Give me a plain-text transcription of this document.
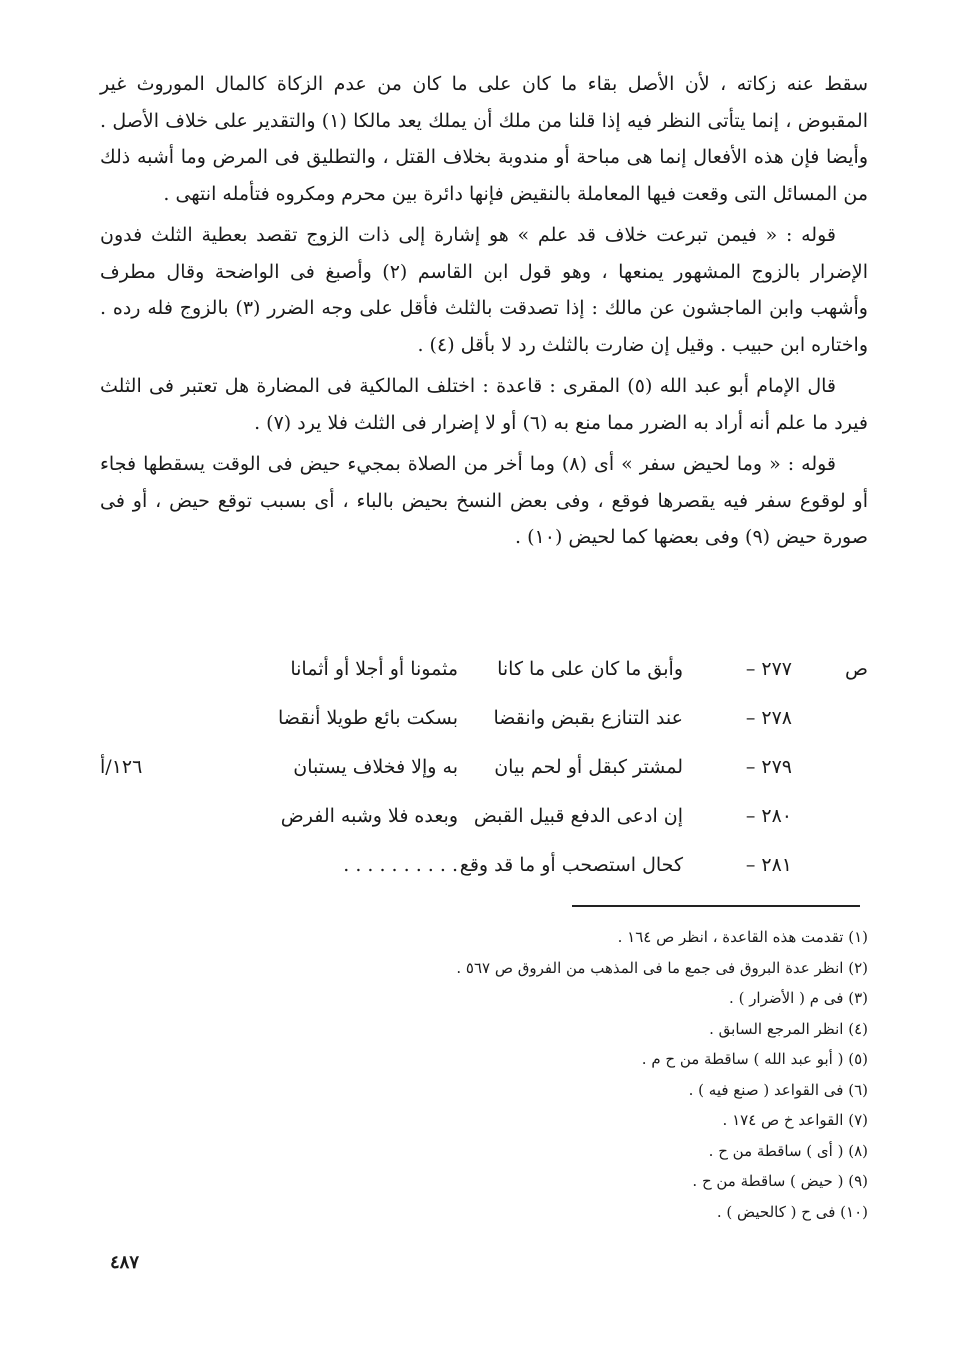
سقط عنه زكاته ، لأن الأصل بقاء ما كان على ما كان من عدم الزكاة كالمال الموروث غير المقبوض ، إنما يتأتى النظر فيه إذا قلنا من ملك أن يملك يعد مالكا (١) والتقدير على خلاف الأصل . وأيضا فإن هذه الأفعال إنما هى مباحة أو مندوبة بخلاف القتل ، والتطليق فى المرض وما أشبه ذلك من المسائل التى وقعت فيها المعاملة بالنقيض فإنها دائرة بين محرم ومكروه فتأمله انتهى .

قوله : « فيمن تبرعت خلاف قد علم » هو إشارة إلى ذات الزوج تقصد بعطية الثلث فدون الإضرار بالزوج المشهور يمنعها ، وهو قول ابن القاسم (٢) وأصبغ فى الواضحة وقال مطرف وأشهب وابن الماجشون عن مالك : إذا تصدقت بالثلث فأقل على وجه الضرر (٣) بالزوج فله رده . واختاره ابن حبيب . وقيل إن ضارت بالثلث رد لا بأقل (٤) .

قال الإمام أبو عبد الله (٥) المقرى : قاعدة : اختلف المالكية فى المضارة هل تعتبر فى الثلث فيرد ما علم أنه أراد به الضرر مما منع به (٦) أو لا إضرار فى الثلث فلا يرد (٧) .

قوله : « وما لحيض سفر » أى (٨) وما أخر من الصلاة بمجيء حيض فى الوقت يسقطها فجاء أو لوقوع سفر فيه يقصرها فوقع ، وفى بعض النسخ بحيض بالباء ، أى بسبب توقع حيض ، أو فى صورة حيض (٩) وفى بعضها كما لحيض (١٠) .

ص
٢٧٧ –
وأبق ما كان على ما كانا
مثمونا أو أجلا أو أثمانا
٢٧٨ –
عند التنازع بقبض وانقضا
بسكت بائع طويلا أنقضا
٢٧٩ –
لمشتر كبقل أو لحم بيان
به وإلا فخلاف يستبان
١٢٦/أ
٢٨٠ –
إن ادعى الدفع قبيل القبض
وبعده فلا وشبه الفرض
٢٨١ –
كحال استصحب أو ما قد وقع
. . . . . . . . . .
(١) تقدمت هذه القاعدة ، انظر ص ١٦٤ .
(٢) انظر عدة البروق فى جمع ما فى المذهب من الفروق ص ٥٦٧ .
(٣) فى م ( الأضرار ) .
(٤) انظر المرجع السابق .
(٥) ( أبو عبد الله ) ساقطة من ح م .
(٦) فى القواعد ( صنع فيه ) .
(٧) القواعد خ ص ١٧٤ .
(٨) ( أى ) ساقطة من ح .
(٩) ( حيض ) ساقطة من ح .
(١٠) فى ح ( كالحيض ) .
٤٨٧
